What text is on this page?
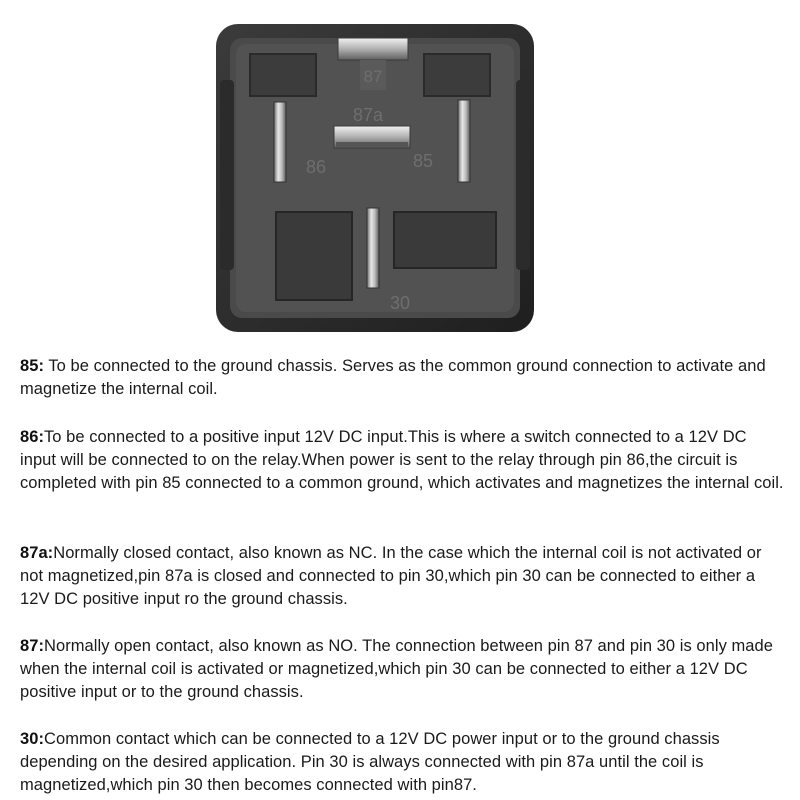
87
87a
86	85
30

85: To be connected to the ground chassis. Serves as the common ground connection to activate and magnetize the internal coil.

86:To be connected to a positive input 12V DC input.This is where a switch connected to a 12V DC input will be connected to on the relay.When power is sent to the relay through pin 86,the circuit is completed with pin 85 connected to a common ground, which activates and magnetizes the internal coil.

87a:Normally closed contact, also known as NC. In the case which the internal coil is not activated or not magnetized,pin 87a is closed and connected to pin 30,which pin 30 can be connected to either a 12V DC positive input ro the ground chassis.

87:Normally open contact, also known as NO. The connection between pin 87 and pin 30 is only made when the internal coil is activated or magnetized,which pin 30 can be connected to either a 12V DC positive input or to the ground chassis.

30:Common contact which can be connected to a 12V DC power input or to the ground chassis depending on the desired application. Pin 30 is always connected with pin 87a until the coil is magnetized,which pin 30 then becomes connected with pin87.
